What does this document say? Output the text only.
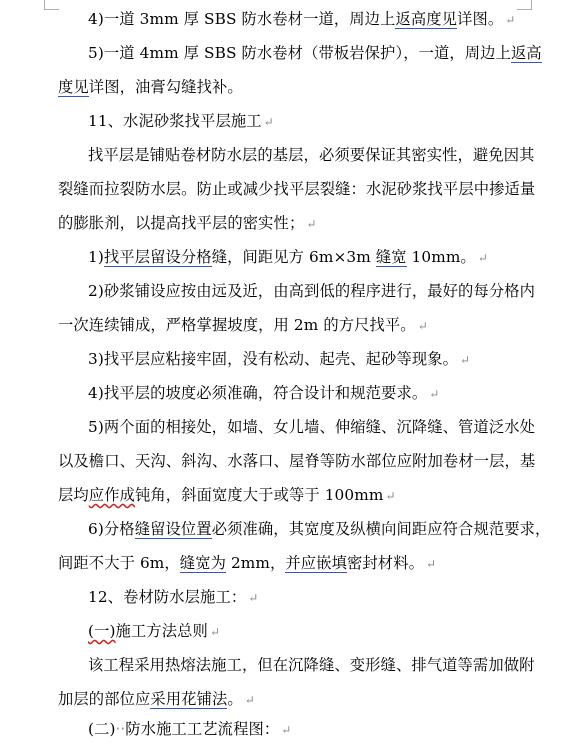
4)一道 3mm 厚 SBS 防水卷材一道，周边上返高度见详图。 ↵
5)一道 4mm 厚 SBS 防水卷材（带板岩保护），一道，周边上返高
度见详图，油膏勾缝找补。
11、水泥砂浆找平层施工 ↵
找平层是铺贴卷材防水层的基层，必须要保证其密实性，避免因其
裂缝而拉裂防水层。防止或减少找平层裂缝：水泥砂浆找平层中掺适量
的膨胀剂，以提高找平层的密实性； ↵
1)找平层留设分格缝，间距见方 6m×3m 缝宽 10mm。 ↵
2)砂浆铺设应按由远及近，由高到低的程序进行，最好的每分格内
一次连续铺成，严格掌握坡度，用 2m 的方尺找平。 ↵
3)找平层应粘接牢固，没有松动、起壳、起砂等现象。 ↵
4)找平层的坡度必须准确，符合设计和规范要求。 ↵
5)两个面的相接处，如墙、女儿墙、伸缩缝、沉降缝、管道泛水处
以及檐口、天沟、斜沟、水落口、屋脊等防水部位应附加卷材一层，基
层均应作成钝角，斜面宽度大于或等于 100mm ↵
6)分格缝留设位置必须准确，其宽度及纵横向间距应符合规范要求，
间距不大于 6m，缝宽为 2mm，并应嵌填密封材料。 ↵
12、卷材防水层施工： ↵
(一)施工方法总则 ↵
该工程采用热熔法施工，但在沉降缝、变形缝、排气道等需加做附
加层的部位应采用花铺法。 ↵
(二)··防水施工工艺流程图： ↵
